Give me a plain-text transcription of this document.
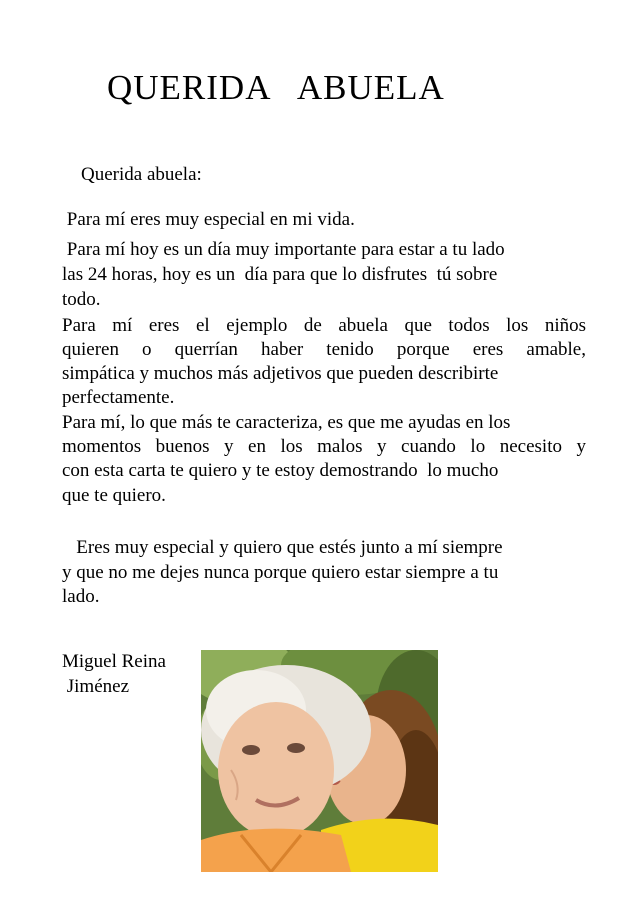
QUERIDA   ABUELA
Querida abuela:
Para mí eres muy especial en mi vida.
Para mí hoy es un día muy importante para estar a tu lado
las 24 horas, hoy es un  día para que lo disfrutes  tú sobre
todo.
Para mí eres el ejemplo de abuela que todos los niños
quieren o querrían haber tenido porque eres amable,
simpática y muchos más adjetivos que pueden describirte
perfectamente.
Para mí, lo que más te caracteriza, es que me ayudas en los
momentos buenos y en los malos y cuando lo necesito y
con esta carta te quiero y te estoy demostrando  lo mucho
que te quiero.
Eres muy especial y quiero que estés junto a mí siempre
y que no me dejes nunca porque quiero estar siempre a tu
lado.
Miguel Reina
Jiménez
